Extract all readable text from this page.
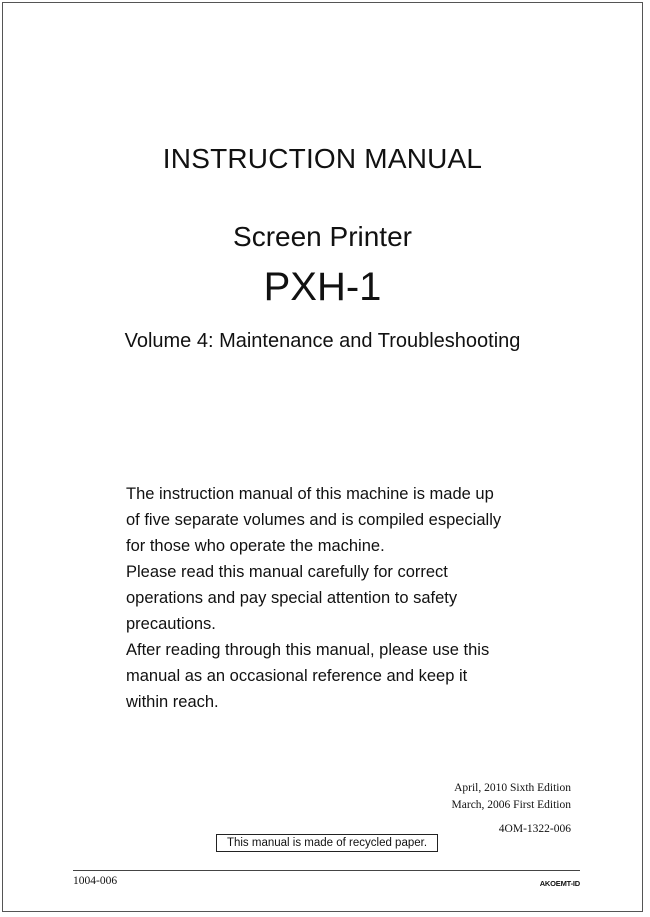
INSTRUCTION MANUAL
Screen Printer
PXH-1
Volume 4: Maintenance and Troubleshooting
The instruction manual of this machine is made up
of five separate volumes and is compiled especially
for those who operate the machine.
Please read this manual carefully for correct
operations and pay special attention to safety
precautions.
After reading through this manual, please use this
manual as an occasional reference and keep it
within reach.
April, 2010 Sixth Edition
March, 2006 First Edition
4OM-1322-006
This manual is made of recycled paper.
1004-006	AKOEMT-ID
